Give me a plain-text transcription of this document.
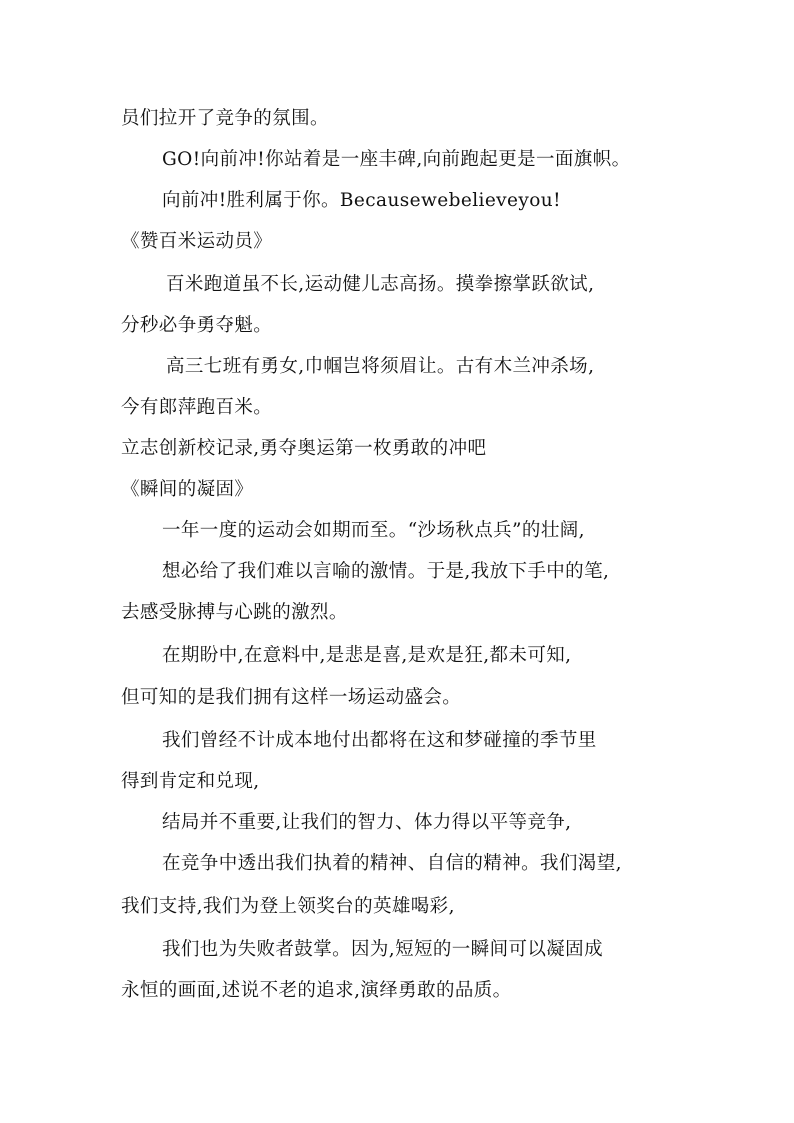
员们拉开了竞争的氛围。
GO!向前冲!你站着是一座丰碑,向前跑起更是一面旗帜。
向前冲!胜利属于你。Becausewebelieveyou!
《赞百米运动员》
百米跑道虽不长,运动健儿志高扬。摸拳擦掌跃欲试,
分秒必争勇夺魁。
高三七班有勇女,巾帼岂将须眉让。古有木兰冲杀场,
今有郎萍跑百米。
立志创新校记录,勇夺奥运第一枚勇敢的冲吧
《瞬间的凝固》
一年一度的运动会如期而至。“沙场秋点兵”的壮阔,
想必给了我们难以言喻的激情。于是,我放下手中的笔,
去感受脉搏与心跳的激烈。
在期盼中,在意料中,是悲是喜,是欢是狂,都未可知,
但可知的是我们拥有这样一场运动盛会。
我们曾经不计成本地付出都将在这和梦碰撞的季节里
得到肯定和兑现,
结局并不重要,让我们的智力、体力得以平等竞争,
在竞争中透出我们执着的精神、自信的精神。我们渴望,
我们支持,我们为登上领奖台的英雄喝彩,
我们也为失败者鼓掌。因为,短短的一瞬间可以凝固成
永恒的画面,述说不老的追求,演绎勇敢的品质。
